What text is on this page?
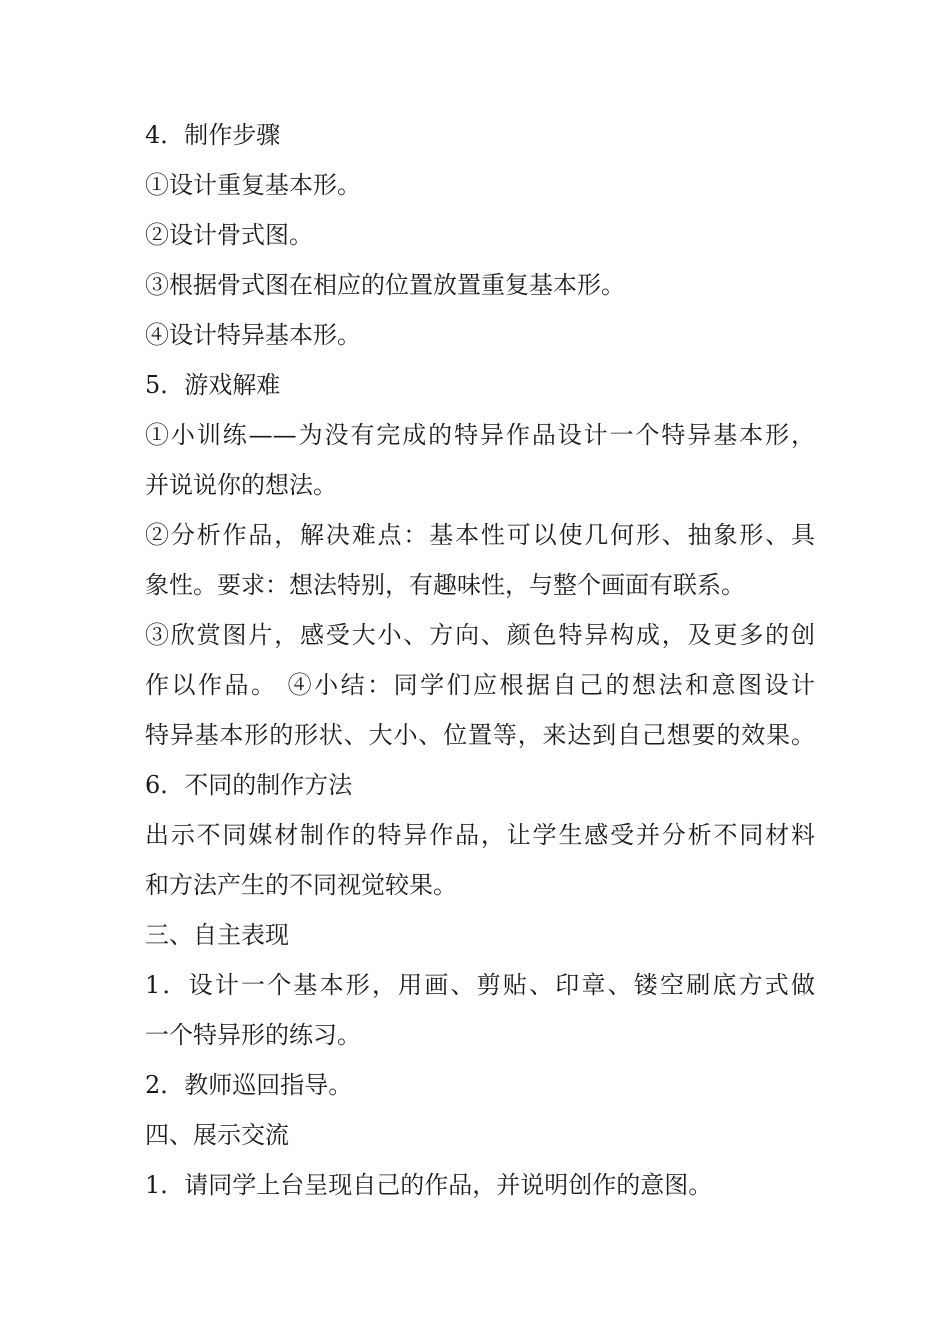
4．制作步骤
①设计重复基本形。
②设计骨式图。
③根据骨式图在相应的位置放置重复基本形。
④设计特异基本形。
5．游戏解难
①小训练——为没有完成的特异作品设计一个特异基本形，
并说说你的想法。
②分析作品，解决难点：基本性可以使几何形、抽象形、具
象性。要求：想法特别，有趣味性，与整个画面有联系。
③欣赏图片，感受大小、方向、颜色特异构成，及更多的创
作以作品。 ④小结：同学们应根据自己的想法和意图设计
特异基本形的形状、大小、位置等，来达到自己想要的效果。
6．不同的制作方法
出示不同媒材制作的特异作品，让学生感受并分析不同材料
和方法产生的不同视觉较果。
三、自主表现
1．设计一个基本形，用画、剪贴、印章、镂空刷底方式做
一个特异形的练习。
2．教师巡回指导。
四、展示交流
1．请同学上台呈现自己的作品，并说明创作的意图。
